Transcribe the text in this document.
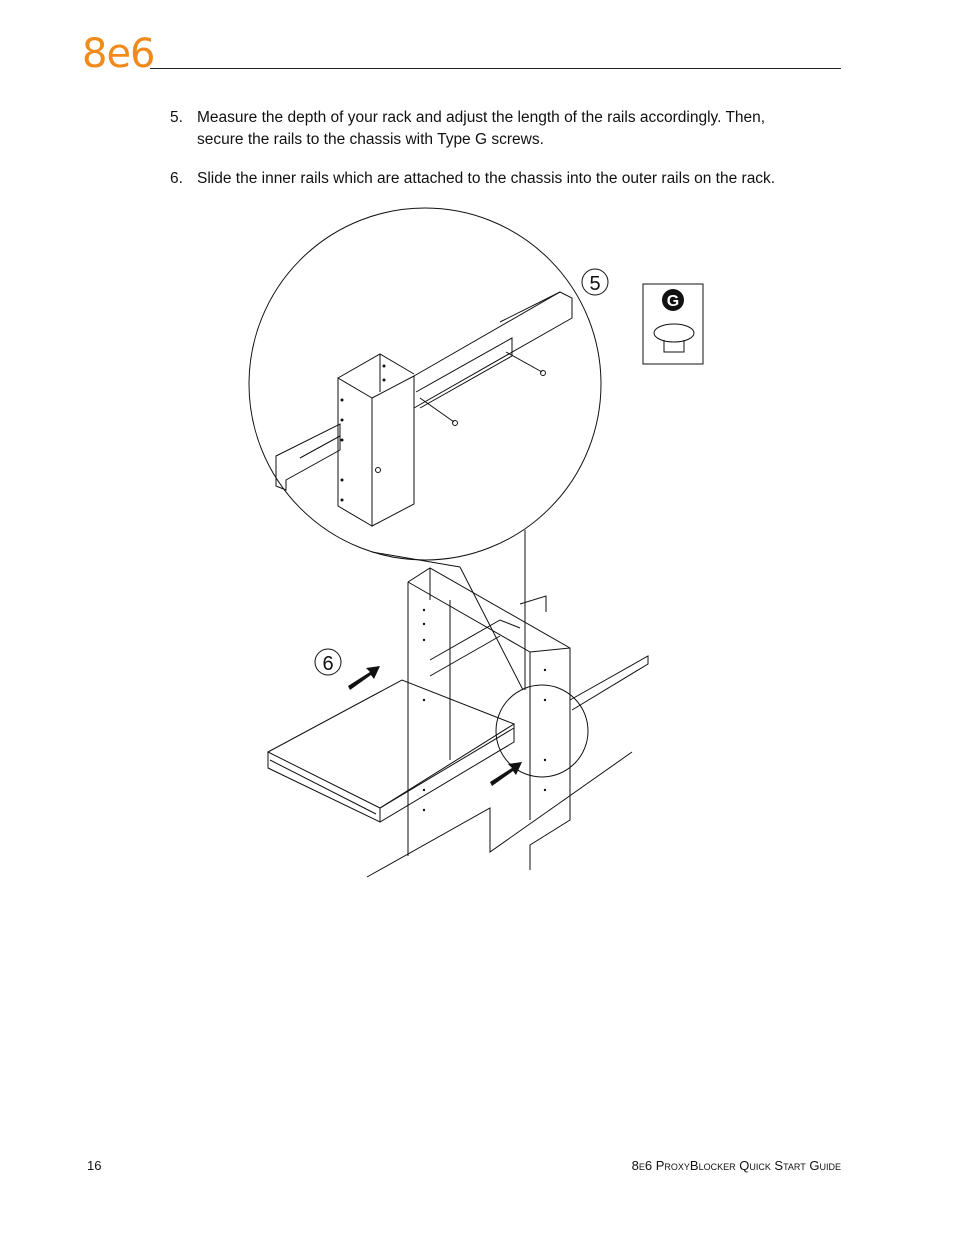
8e6
5. Measure the depth of your rack and adjust the length of the rails accordingly. Then,
secure the rails to the chassis with Type G screws.
6. Slide the inner rails which are attached to the chassis into the outer rails on the rack.
G
5
6
16	8e6 ProxyBlocker Quick Start Guide
